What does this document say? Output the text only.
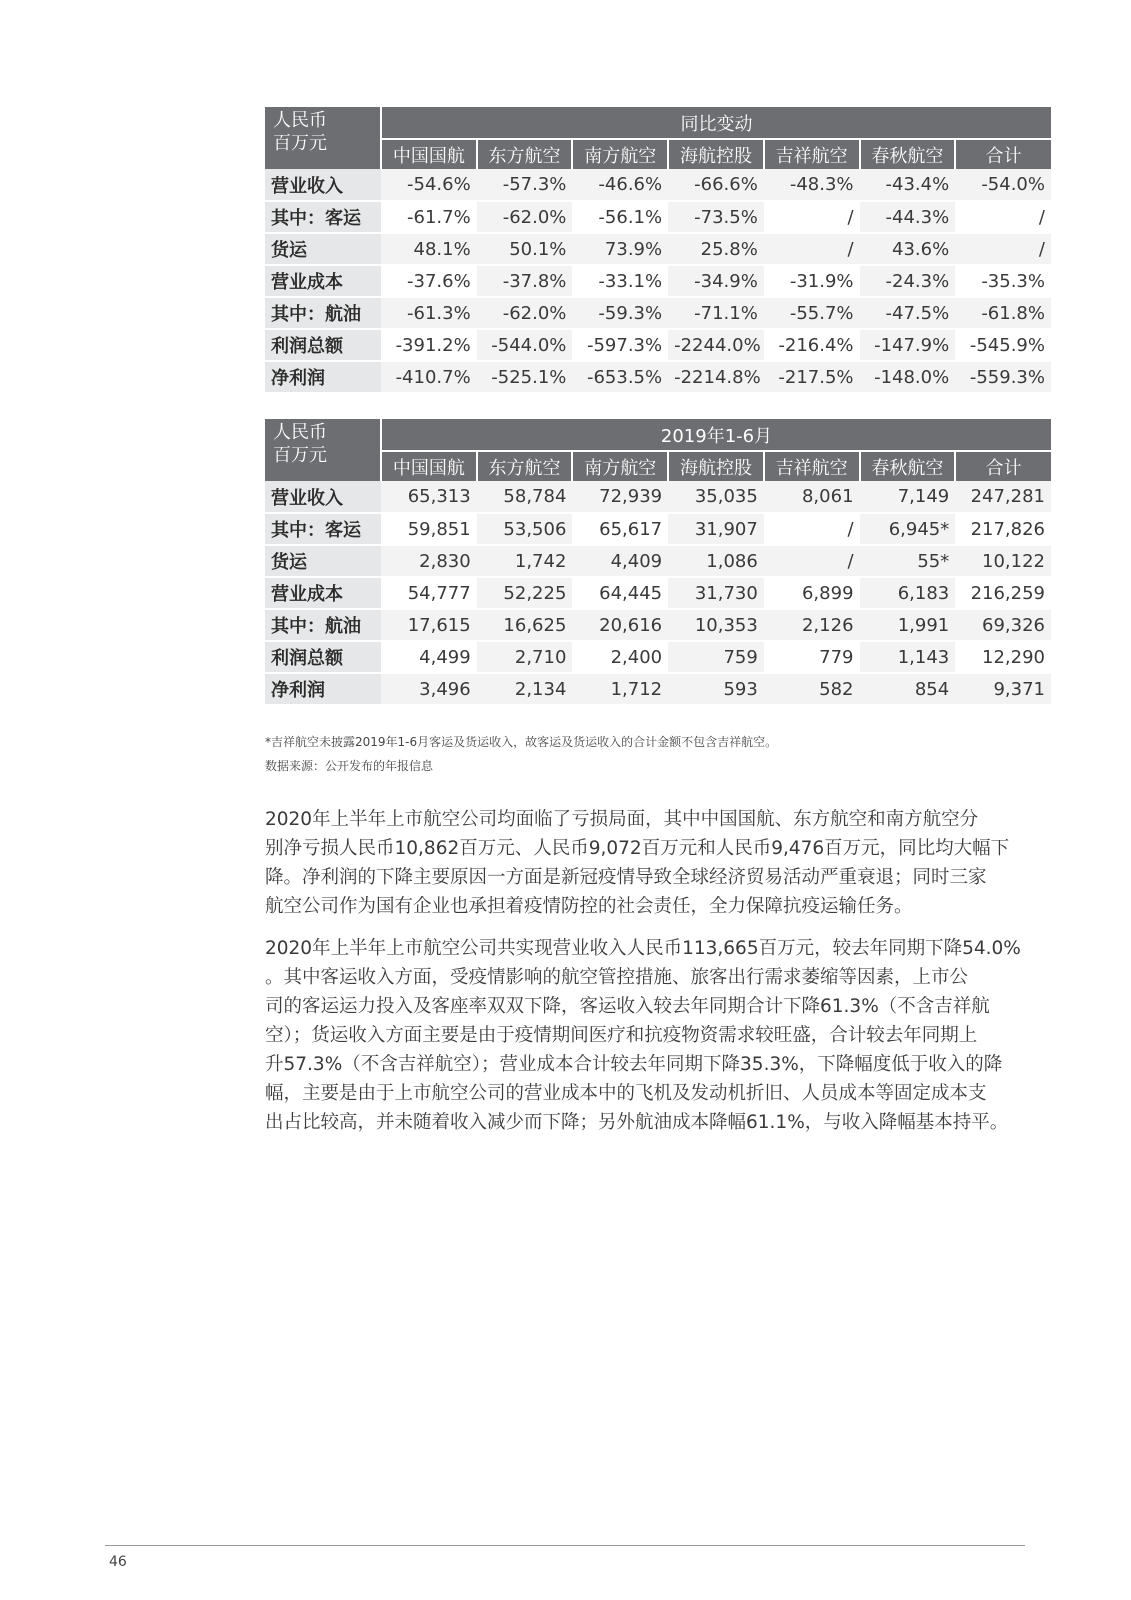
人民币
百万元	同比变动						
	中国国航	东方航空	南方航空	海航控股	吉祥航空	春秋航空	合计
营业收入	-54.6%	-57.3%	-46.6%	-66.6%	-48.3%	-43.4%	-54.0%
其中：客运	-61.7%	-62.0%	-56.1%	-73.5%	/	-44.3%	/
货运	48.1%	50.1%	73.9%	25.8%	/	43.6%	/
营业成本	-37.6%	-37.8%	-33.1%	-34.9%	-31.9%	-24.3%	-35.3%
其中：航油	-61.3%	-62.0%	-59.3%	-71.1%	-55.7%	-47.5%	-61.8%
利润总额	-391.2%	-544.0%	-597.3%	-2244.0%	-216.4%	-147.9%	-545.9%
净利润	-410.7%	-525.1%	-653.5%	-2214.8%	-217.5%	-148.0%	-559.3%
人民币
百万元	2019年1-6月						
	中国国航	东方航空	南方航空	海航控股	吉祥航空	春秋航空	合计
营业收入	65,313	58,784	72,939	35,035	8,061	7,149	247,281
其中：客运	59,851	53,506	65,617	31,907	/	6,945*	217,826
货运	2,830	1,742	4,409	1,086	/	55*	10,122
营业成本	54,777	52,225	64,445	31,730	6,899	6,183	216,259
其中：航油	17,615	16,625	20,616	10,353	2,126	1,991	69,326
利润总额	4,499	2,710	2,400	759	779	1,143	12,290
净利润	3,496	2,134	1,712	593	582	854	9,371
*吉祥航空未披露2019年1-6月客运及货运收入，故客运及货运收入的合计金额不包含吉祥航空。
数据来源：公开发布的年报信息

2020年上半年上市航空公司均面临了亏损局面，其中中国国航、东方航空和南方航空分
别净亏损人民币10,862百万元、人民币9,072百万元和人民币9,476百万元，同比均大幅下
降。净利润的下降主要原因一方面是新冠疫情导致全球经济贸易活动严重衰退；同时三家
航空公司作为国有企业也承担着疫情防控的社会责任，全力保障抗疫运输任务。

2020年上半年上市航空公司共实现营业收入人民币113,665百万元，较去年同期下降54.0%
。其中客运收入方面，受疫情影响的航空管控措施、旅客出行需求萎缩等因素，上市公
司的客运运力投入及客座率双双下降，客运收入较去年同期合计下降61.3%（不含吉祥航
空）；货运收入方面主要是由于疫情期间医疗和抗疫物资需求较旺盛，合计较去年同期上
升57.3%（不含吉祥航空）；营业成本合计较去年同期下降35.3%，下降幅度低于收入的降
幅，主要是由于上市航空公司的营业成本中的飞机及发动机折旧、人员成本等固定成本支
出占比较高，并未随着收入减少而下降；另外航油成本降幅61.1%，与收入降幅基本持平。

46
